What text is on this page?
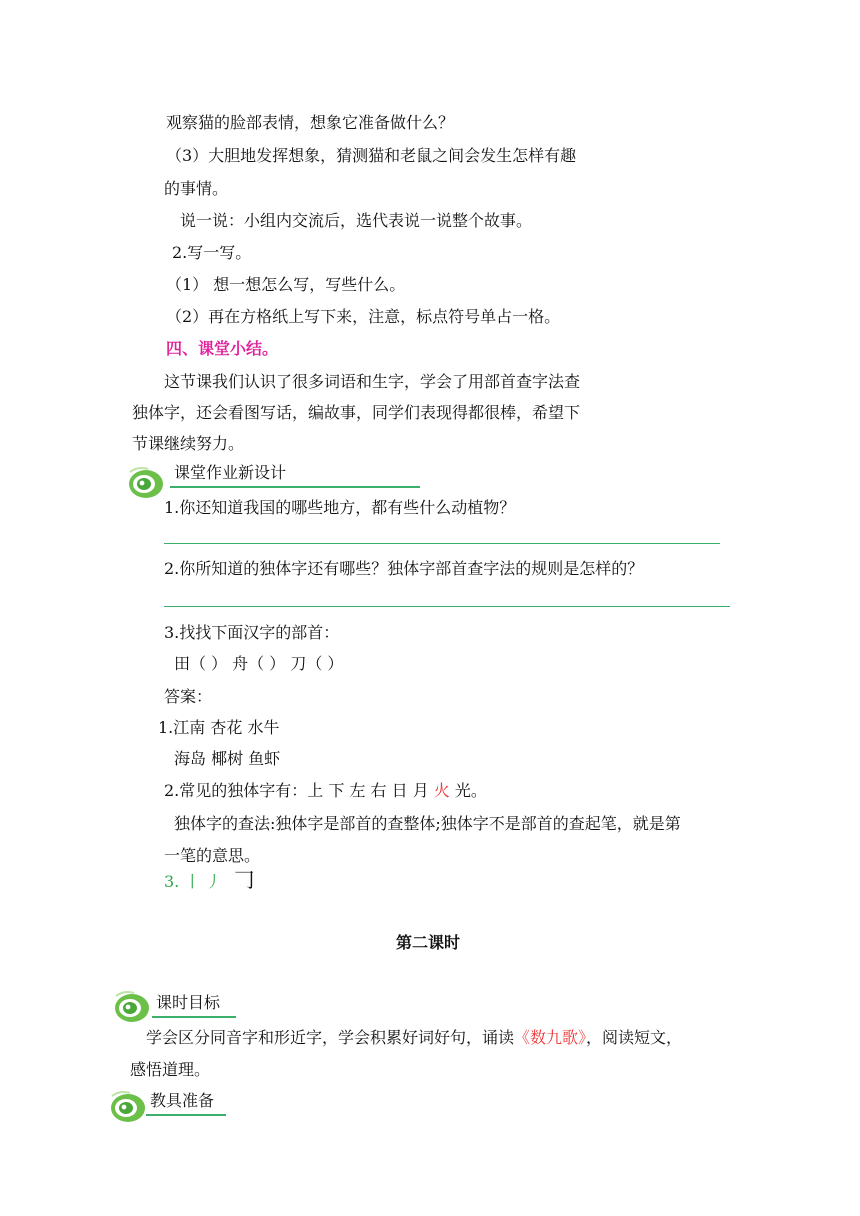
观察猫的脸部表情，想象它准备做什么？
（3）大胆地发挥想象，猜测猫和老鼠之间会发生怎样有趣
的事情。
说一说：小组内交流后，选代表说一说整个故事。
2.写一写。
（1） 想一想怎么写，写些什么。
（2）再在方格纸上写下来，注意，标点符号单占一格。
四、课堂小结。
这节课我们认识了很多词语和生字，学会了用部首查字法查
独体字，还会看图写话，编故事，同学们表现得都很棒，希望下
节课继续努力。
课堂作业新设计
1.你还知道我国的哪些地方，都有些什么动植物？
2.你所知道的独体字还有哪些？独体字部首查字法的规则是怎样的？
3.找找下面汉字的部首：
田（ ） 舟（ ） 刀（ ）
答案：
1.江南 杏花 水牛
海岛 椰树 鱼虾
2.常见的独体字有：上 下 左 右 日 月 火 光。
独体字的查法:独体字是部首的查整体;独体字不是部首的查起笔，就是第
一笔的意思。
3. 丨 丿 𠃌
第二课时
课时目标
学会区分同音字和形近字，学会积累好词好句，诵读《数九歌》，阅读短文，
感悟道理。
教具准备
